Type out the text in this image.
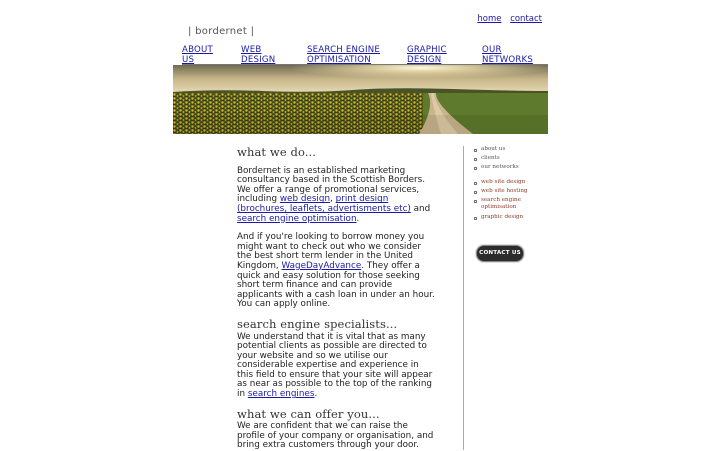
home contact
| bordernet |
ABOUT
US
WEB
DESIGN
SEARCH ENGINE
OPTIMISATION
GRAPHIC
DESIGN
OUR
NETWORKS
what we do...

Bordernet is an established marketing consultancy based in the Scottish Borders. We offer a range of promotional services, including web design, print design (brochures, leaflets, advertisments etc) and search engine optimisation.

And if you're looking to borrow money you might want to check out who we consider the best short term lender in the United Kingdom, WageDayAdvance. They offer a quick and easy solution for those seeking short term finance and can provide applicants with a cash loan in under an hour. You can apply online.

search engine specialists...

We understand that it is vital that as many potential clients as possible are directed to your website and so we utilise our considerable expertise and experience in this field to ensure that your site will appear as near as possible to the top of the ranking in search engines.

what we can offer you...

We are confident that we can raise the profile of your company or organisation, and bring extra customers through your door.

about us
clients
our networks
web site design
web site hosting
search engine optimisation
graphic design
CONTACT US
